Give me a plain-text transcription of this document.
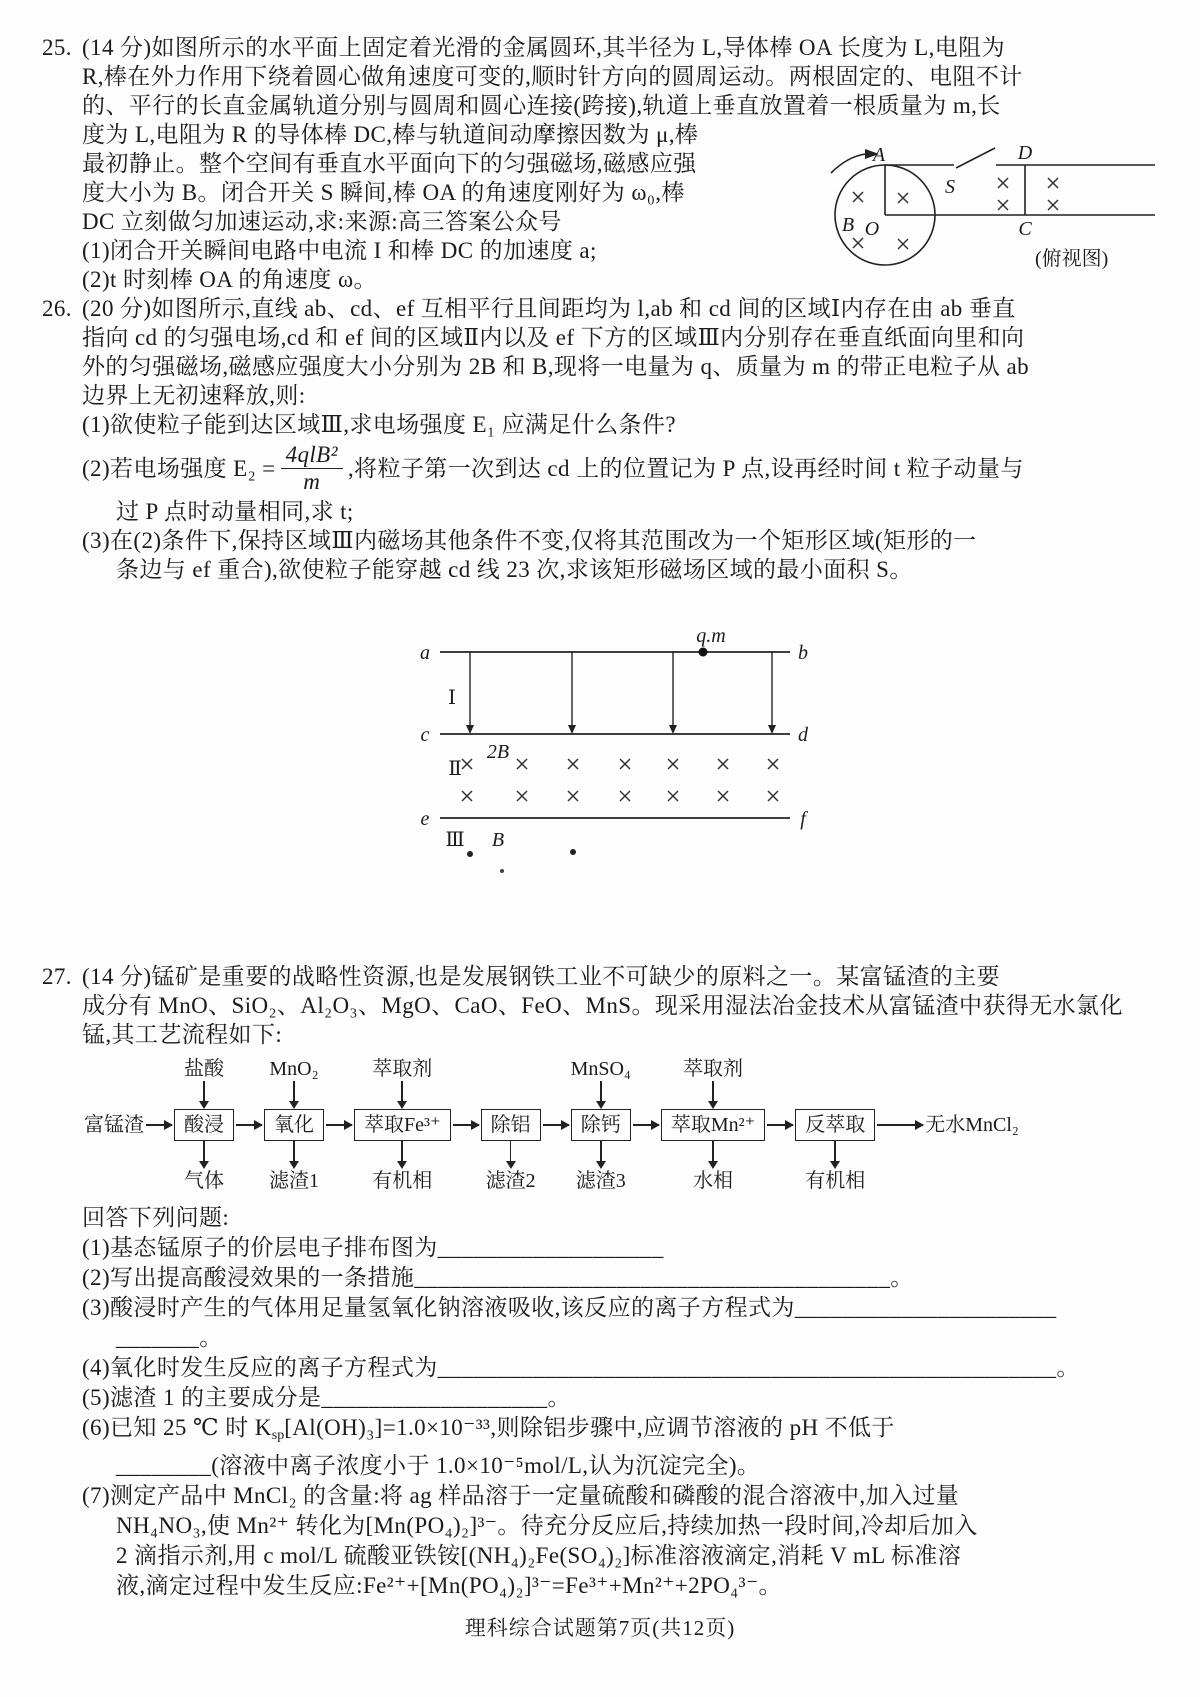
25. (14 分)如图所示的水平面上固定着光滑的金属圆环,其半径为 L,导体棒 OA 长度为 L,电阻为
R,棒在外力作用下绕着圆心做角速度可变的,顺时针方向的圆周运动。两根固定的、电阻不计
的、平行的长直金属轨道分别与圆周和圆心连接(跨接),轨道上垂直放置着一根质量为 m,长
度为 L,电阻为 R 的导体棒 DC,棒与轨道间动摩擦因数为 μ,棒
最初静止。整个空间有垂直水平面向下的匀强磁场,磁感应强
度大小为 B。闭合开关 S 瞬间,棒 OA 的角速度刚好为 ω₀,棒
DC 立刻做匀加速运动,求:来源:高三答案公众号
(1)闭合开关瞬间电路中电流 I 和棒 DC 的加速度 a;
(2)t 时刻棒 OA 的角速度 ω。
A
S
D
C
B O
(俯视图)
26. (20 分)如图所示,直线 ab、cd、ef 互相平行且间距均为 l,ab 和 cd 间的区域Ⅰ内存在由 ab 垂直
指向 cd 的匀强电场,cd 和 ef 间的区域Ⅱ内以及 ef 下方的区域Ⅲ内分别存在垂直纸面向里和向
外的匀强磁场,磁感应强度大小分别为 2B 和 B,现将一电量为 q、质量为 m 的带正电粒子从 ab
边界上无初速释放,则:
(1)欲使粒子能到达区域Ⅲ,求电场强度 E₁ 应满足什么条件?
(2)若电场强度 $E_2 = \frac{\text{4qlB²}}{m}$ ,将粒子第一次到达 cd 上的位置记为 P 点,设再经时间 t 粒子动量与
过 P 点时动量相同,求 t;
(3)在(2)条件下,保持区域Ⅲ内磁场其他条件不变,仅将其范围改为一个矩形区域(矩形的一
条边与 ef 重合),欲使粒子能穿越 cd 线 23 次,求该矩形磁场区域的最小面积 S。
a	b
c	d
e	f
q.m
Ⅰ
Ⅱ
2B
Ⅲ B
27. (14 分)锰矿是重要的战略性资源,也是发展钢铁工业不可缺少的原料之一。某富锰渣的主要
成分有 MnO、SiO₂、Al₂O₃、MgO、CaO、FeO、MnS。现采用湿法冶金技术从富锰渣中获得无水氯化
锰,其工艺流程如下:
富锰渣
盐酸
酸浸
气体
MnO₂
氧化
滤渣1
萃取剂
萃取Fe³⁺
有机相
除铝
滤渣2
MnSO₄
除钙
滤渣3
萃取剂
萃取Mn²⁺
水相
反萃取
有机相
无水MnCl₂
回答下列问题:
(1)基态锰原子的价层电子排布图为___________________
(2)写出提高酸浸效果的一条措施________________________________________。
(3)酸浸时产生的气体用足量氢氧化钠溶液吸收,该反应的离子方程式为______________________
_______。
(4)氧化时发生反应的离子方程式为____________________________________________________。
(5)滤渣 1 的主要成分是___________________。
(6)已知 25 ℃ 时 $K_{sp}[Al(OH)_3]=1.0\times 10^{-33}$,则除铝步骤中,应调节溶液的 pH 不低于
________(溶液中离子浓度小于 1.0×10⁻⁵mol/L,认为沉淀完全)。
(7)测定产品中 MnCl₂ 的含量:将 ag 样品溶于一定量硫酸和磷酸的混合溶液中,加入过量
NH₄NO₃,使 Mn²⁺ 转化为[Mn(PO₄)₂]³⁻。待充分反应后,持续加热一段时间,冷却后加入
2 滴指示剂,用 c mol/L 硫酸亚铁铵[(NH₄)₂Fe(SO₄)₂]标准溶液滴定,消耗 V mL 标准溶
液,滴定过程中发生反应:Fe²⁺+[Mn(PO₄)₂]³⁻=Fe³⁺+Mn²⁺+2PO₄³⁻。
理科综合试题第7页(共12页)
